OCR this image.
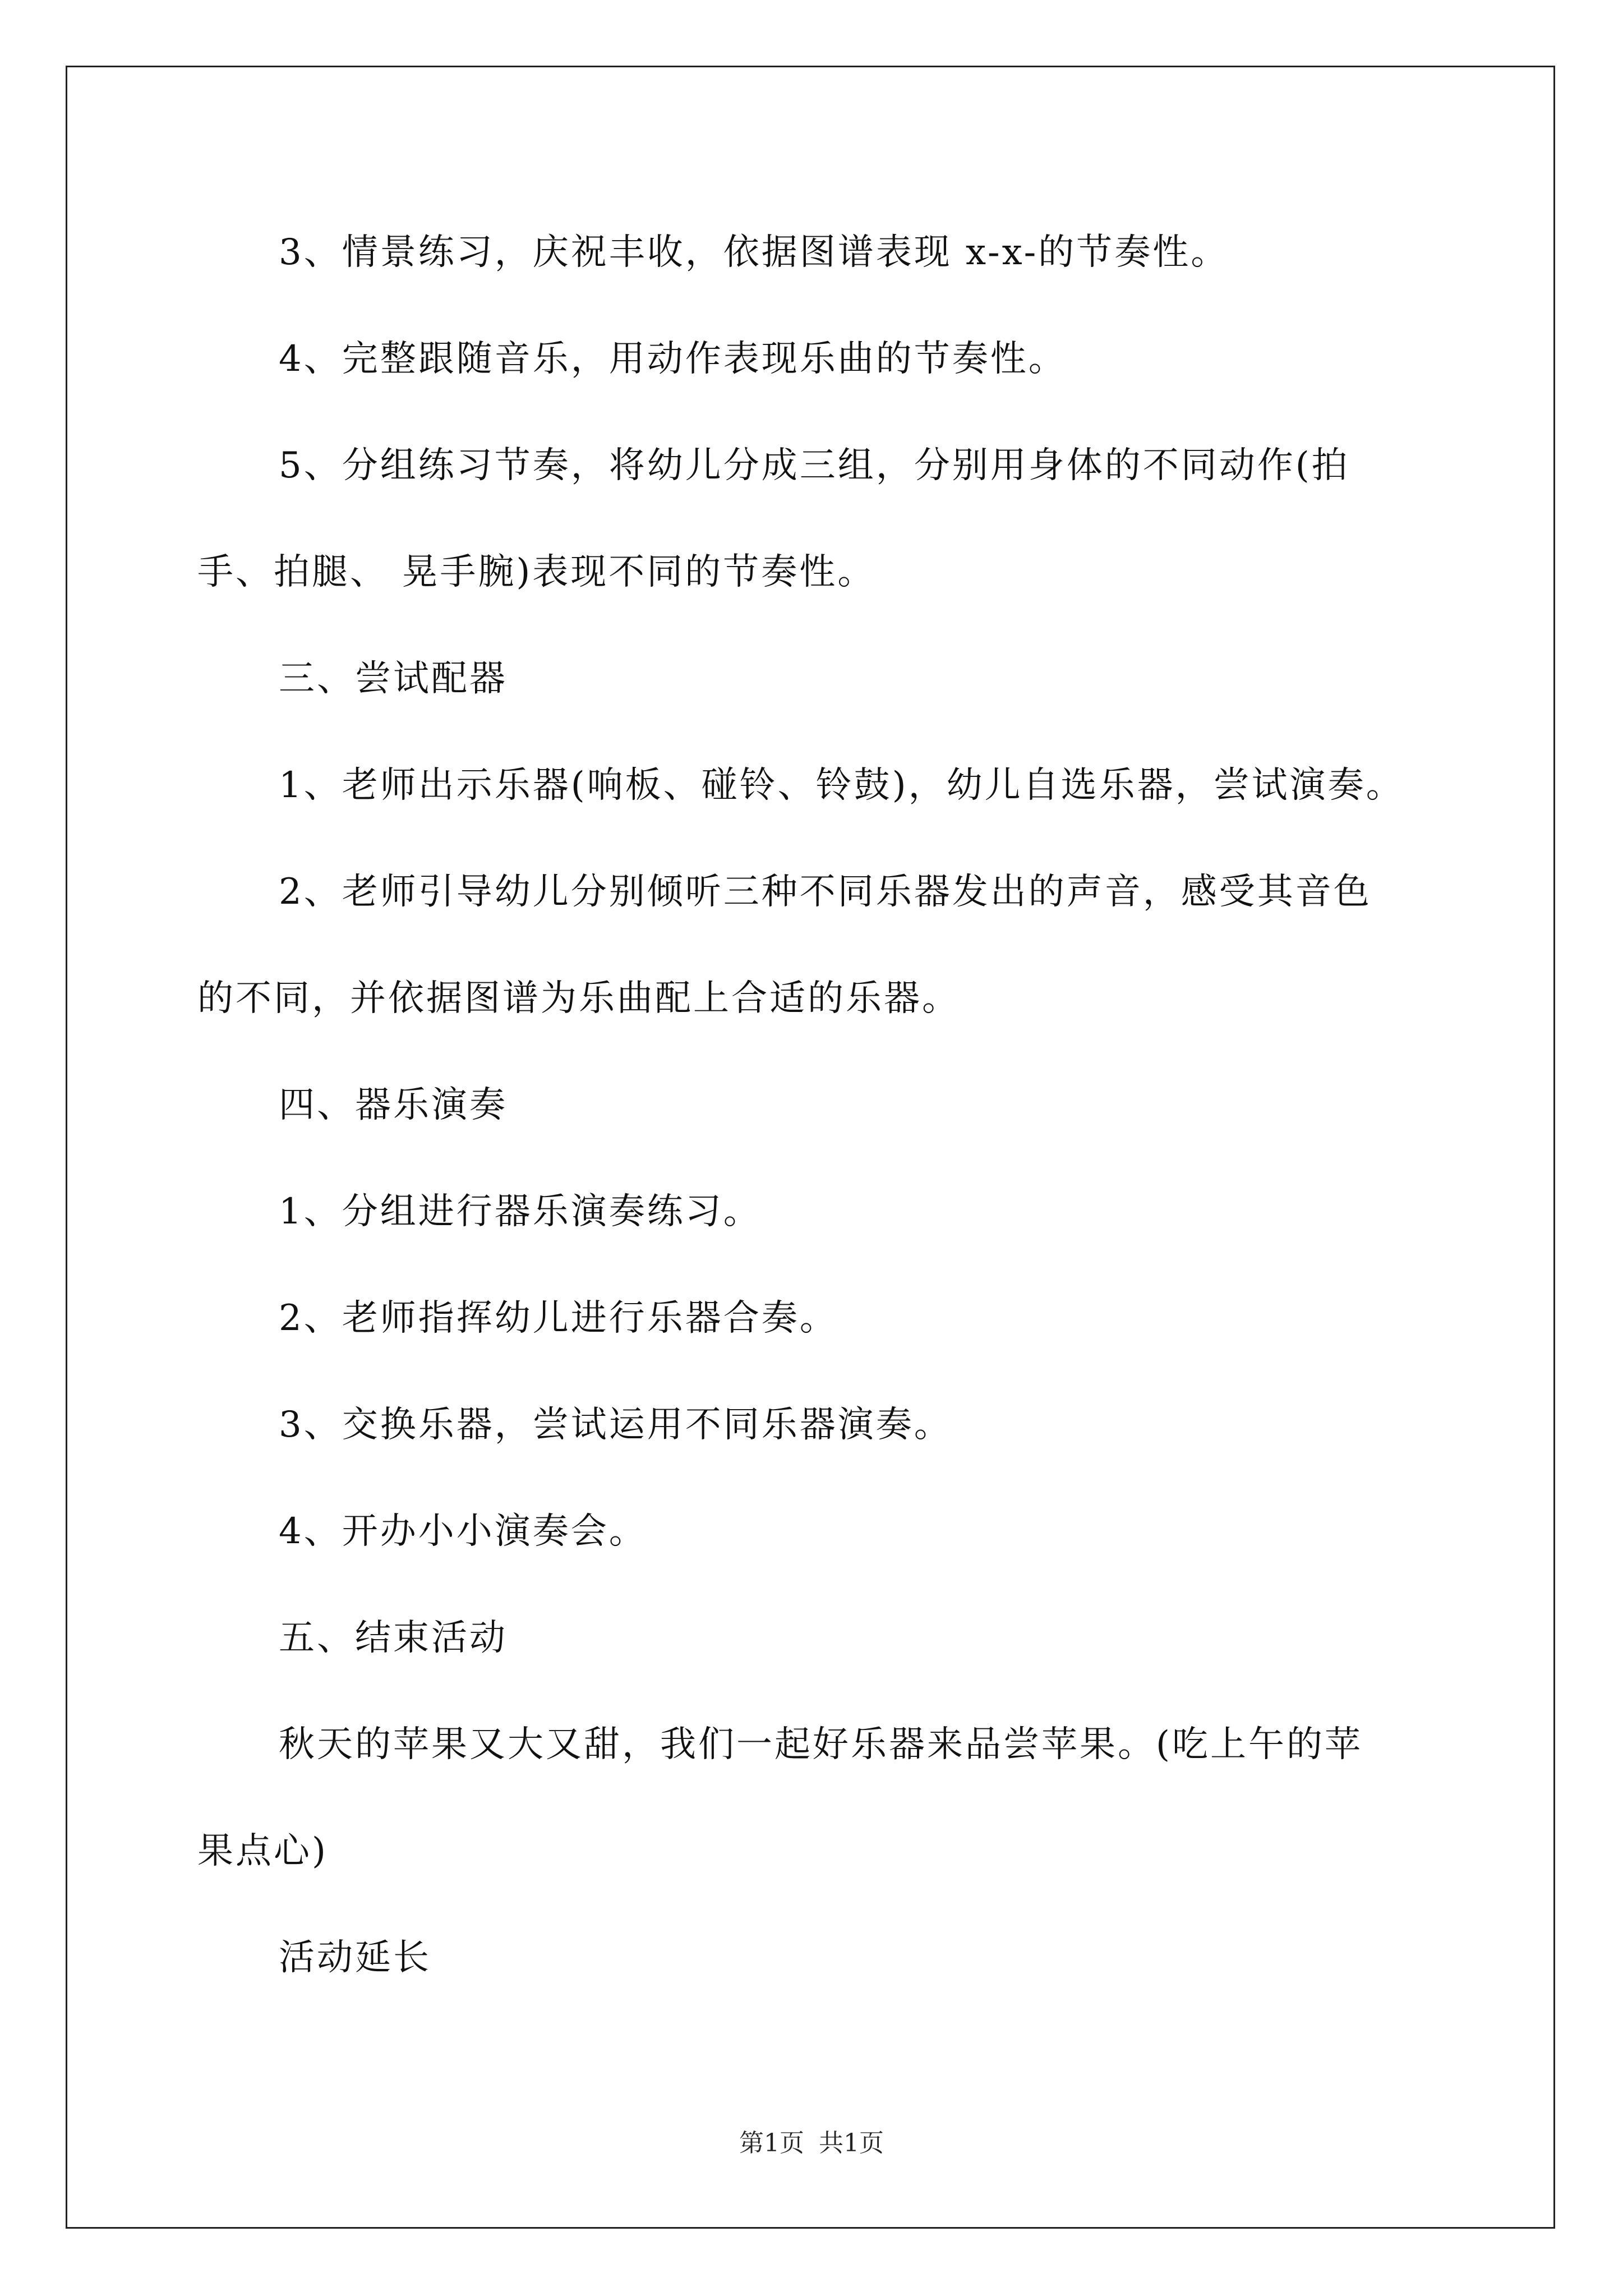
3、情景练习，庆祝丰收，依据图谱表现 x-x-的节奏性。
4、完整跟随音乐，用动作表现乐曲的节奏性。
5、分组练习节奏，将幼儿分成三组，分别用身体的不同动作(拍
手、拍腿、 晃手腕)表现不同的节奏性。
三、尝试配器
1、老师出示乐器(响板、碰铃、铃鼓)，幼儿自选乐器，尝试演奏。
2、老师引导幼儿分别倾听三种不同乐器发出的声音，感受其音色
的不同，并依据图谱为乐曲配上合适的乐器。
四、器乐演奏
1、分组进行器乐演奏练习。
2、老师指挥幼儿进行乐器合奏。
3、交换乐器，尝试运用不同乐器演奏。
4、开办小小演奏会。
五、结束活动
秋天的苹果又大又甜，我们一起好乐器来品尝苹果。(吃上午的苹
果点心)
活动延长
第1页 共1页
